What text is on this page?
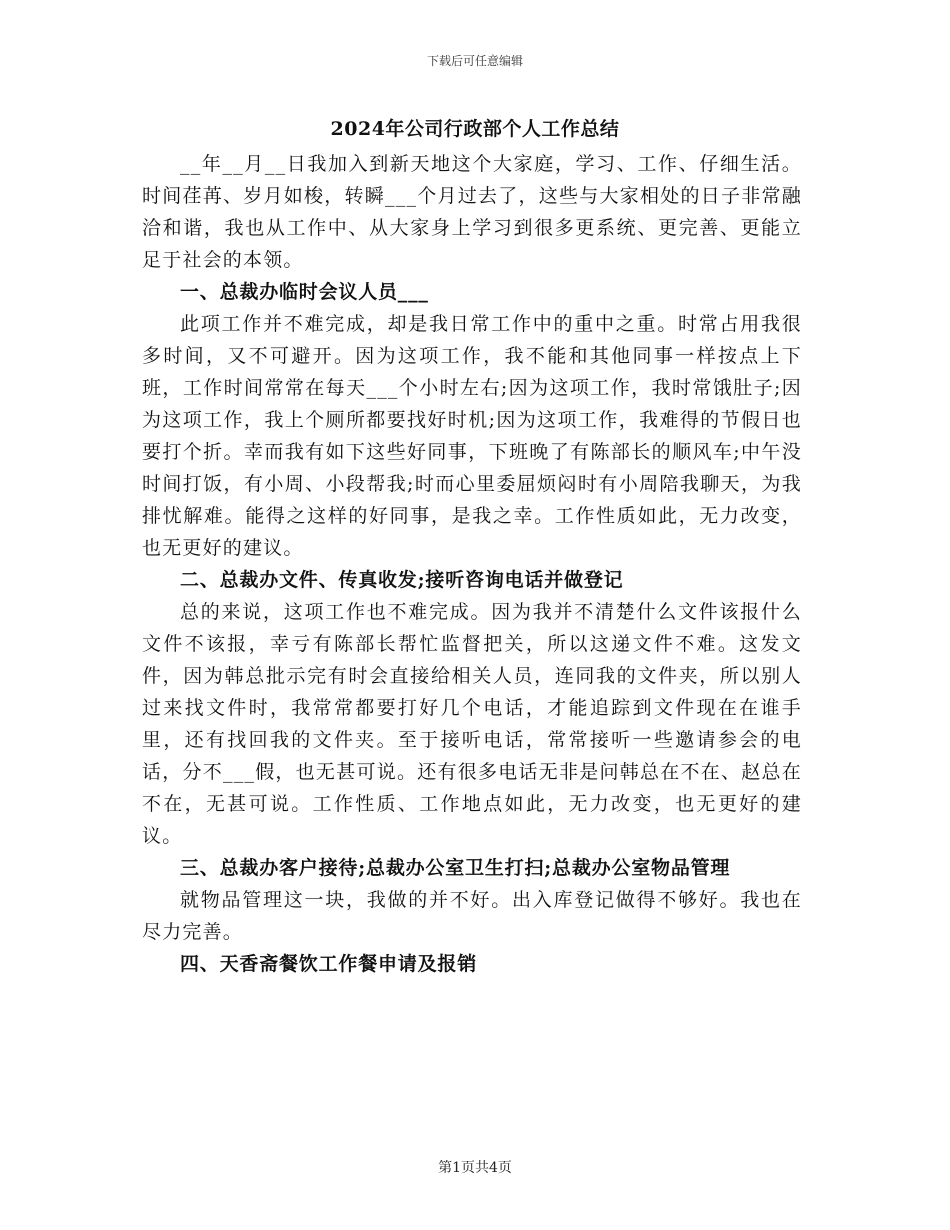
下载后可任意编辑
2024年公司行政部个人工作总结

__年__月__日我加入到新天地这个大家庭，学习、工作、仔细生活。时间荏苒、岁月如梭，转瞬___个月过去了，这些与大家相处的日子非常融洽和谐，我也从工作中、从大家身上学习到很多更系统、更完善、更能立足于社会的本领。

一、总裁办临时会议人员___

此项工作并不难完成，却是我日常工作中的重中之重。时常占用我很多时间，又不可避开。因为这项工作，我不能和其他同事一样按点上下班，工作时间常常在每天___个小时左右;因为这项工作，我时常饿肚子;因为这项工作，我上个厕所都要找好时机;因为这项工作，我难得的节假日也要打个折。幸而我有如下这些好同事，下班晚了有陈部长的顺风车;中午没时间打饭，有小周、小段帮我;时而心里委屈烦闷时有小周陪我聊天，为我排忧解难。能得之这样的好同事，是我之幸。工作性质如此，无力改变，也无更好的建议。

二、总裁办文件、传真收发;接听咨询电话并做登记

总的来说，这项工作也不难完成。因为我并不清楚什么文件该报什么文件不该报，幸亏有陈部长帮忙监督把关，所以这递文件不难。这发文件，因为韩总批示完有时会直接给相关人员，连同我的文件夹，所以别人过来找文件时，我常常都要打好几个电话，才能追踪到文件现在在谁手里，还有找回我的文件夹。至于接听电话，常常接听一些邀请参会的电话，分不___假，也无甚可说。还有很多电话无非是问韩总在不在、赵总在不在，无甚可说。工作性质、工作地点如此，无力改变，也无更好的建议。

三、总裁办客户接待;总裁办公室卫生打扫;总裁办公室物品管理

就物品管理这一块，我做的并不好。出入库登记做得不够好。我也在尽力完善。

四、天香斋餐饮工作餐申请及报销

第1页共4页
